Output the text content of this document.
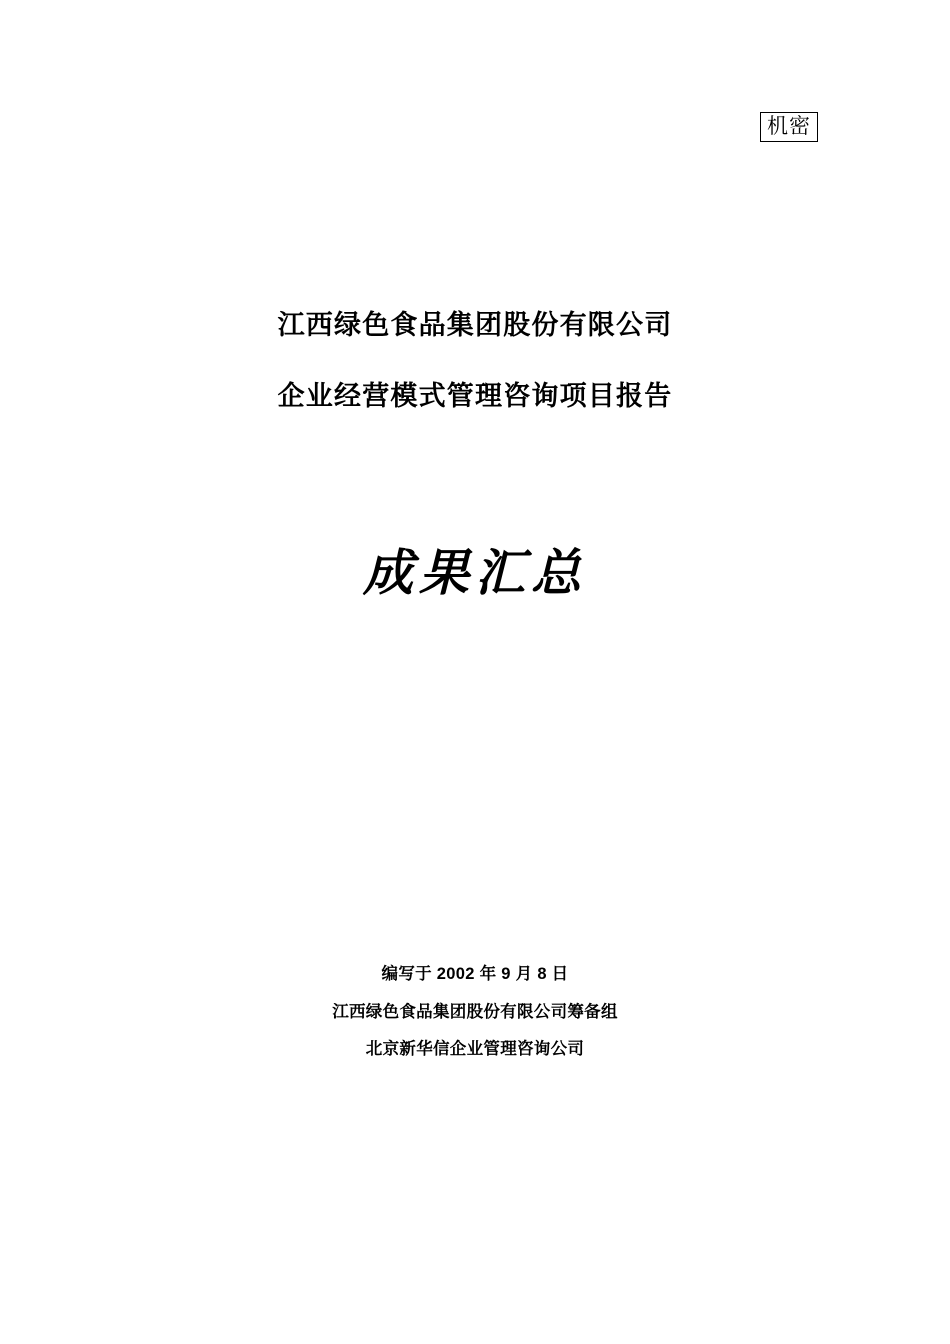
机密
江西绿色食品集团股份有限公司
企业经营模式管理咨询项目报告
成果汇总
编写于 2002 年 9 月 8 日
江西绿色食品集团股份有限公司筹备组
北京新华信企业管理咨询公司
